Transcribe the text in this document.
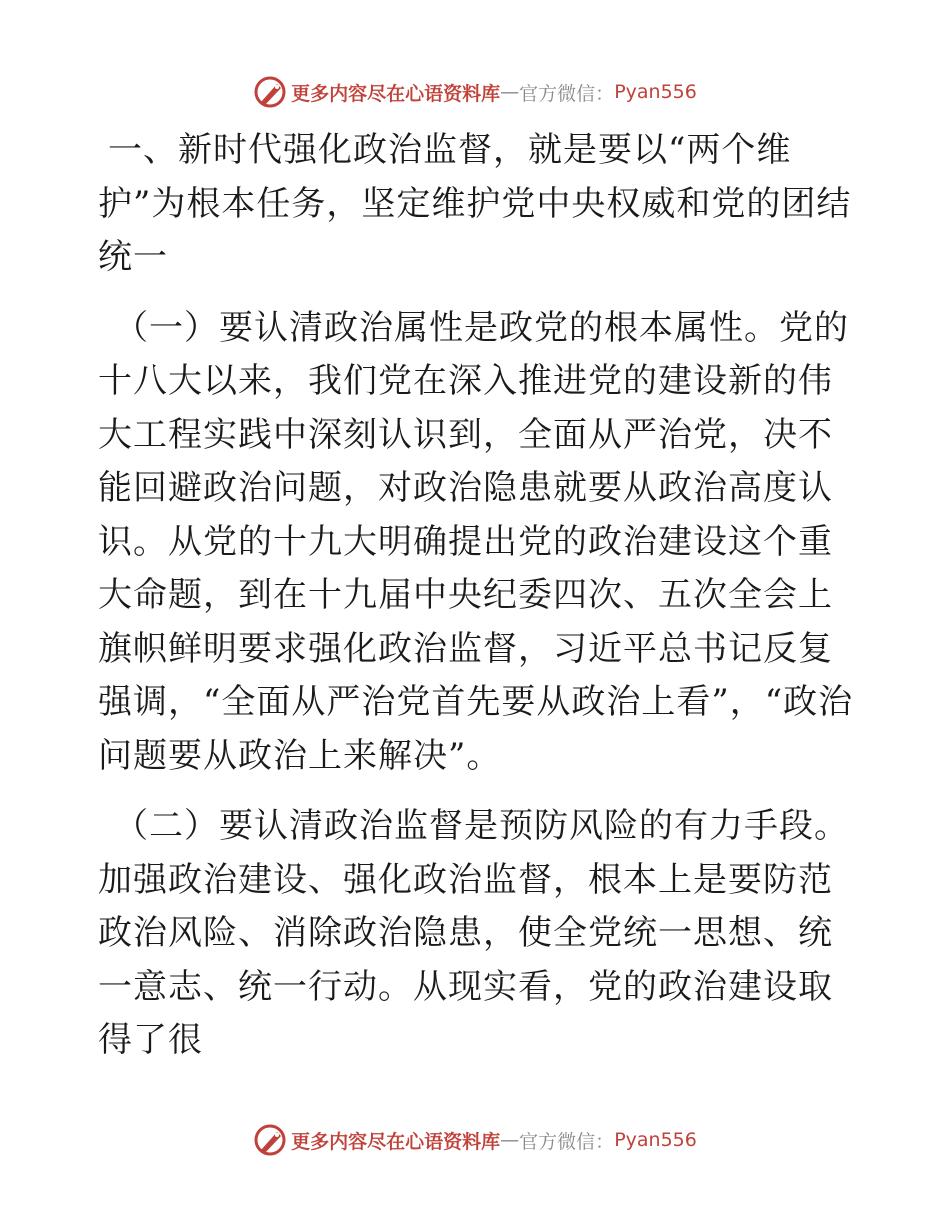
更多内容尽在心语资料库 — 官方微信： Pyan556

一、新时代强化政治监督，就是要以“两个维护”为根本任务，坚定维护党中央权威和党的团结统一

（一）要认清政治属性是政党的根本属性。党的十八大以来，我们党在深入推进党的建设新的伟大工程实践中深刻认识到，全面从严治党，决不能回避政治问题，对政治隐患就要从政治高度认识。从党的十九大明确提出党的政治建设这个重大命题，到在十九届中央纪委四次、五次全会上旗帜鲜明要求强化政治监督，习近平总书记反复强调，“全面从严治党首先要从政治上看”，“政治问题要从政治上来解决”。

（二）要认清政治监督是预防风险的有力手段。加强政治建设、强化政治监督，根本上是要防范政治风险、消除政治隐患，使全党统一思想、统一意志、统一行动。从现实看，党的政治建设取得了很

更多内容尽在心语资料库 — 官方微信： Pyan556
